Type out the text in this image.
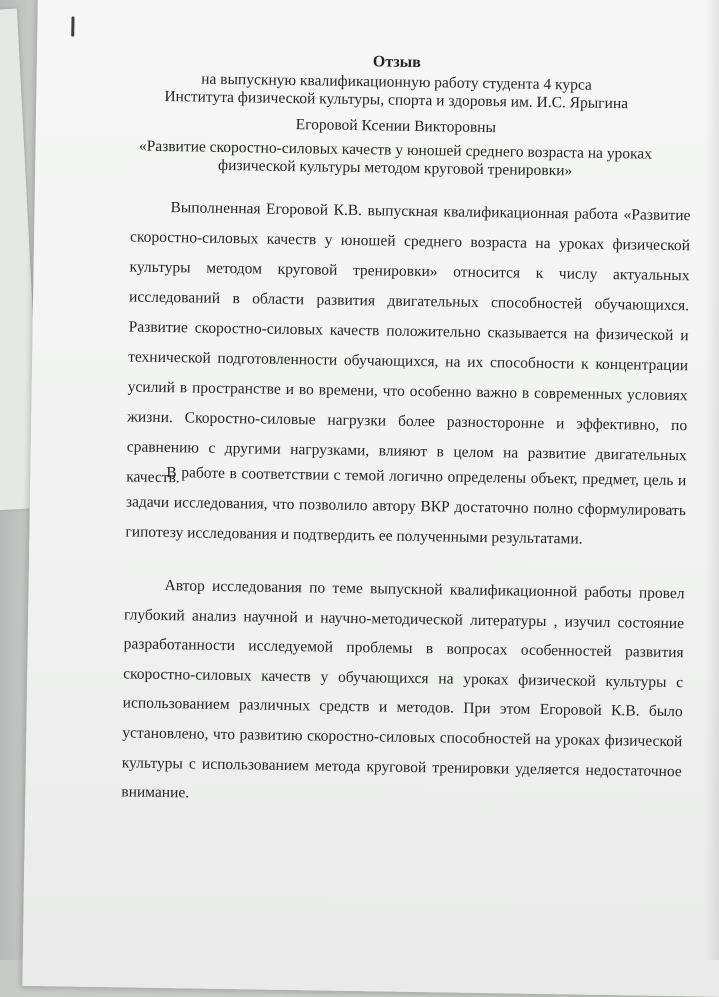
Отзыв
на выпускную квалификационную работу студента 4 курса
Института физической культуры, спорта и здоровья им. И.С. Ярыгина
Егоровой Ксении Викторовны
«Развитие скоростно-силовых качеств у юношей среднего возраста на уроках физической культуры методом круговой тренировки»
Выполненная Егоровой К.В. выпускная квалификационная работа «Развитие скоростно-силовых качеств у юношей среднего возраста на уроках физической культуры методом круговой тренировки» относится к числу актуальных исследований в области развития двигательных способностей обучающихся. Развитие скоростно-силовых качеств положительно сказывается на физической и технической подготовленности обучающихся, на их способности к концентрации усилий в пространстве и во времени, что особенно важно в современных условиях жизни. Скоростно-силовые нагрузки более разносторонне и эффективно, по сравнению с другими нагрузками, влияют в целом на развитие двигательных качеств.
В работе в соответствии с темой логично определены объект, предмет, цель и задачи исследования, что позволило автору ВКР достаточно полно сформулировать гипотезу исследования и подтвердить ее полученными результатами.
Автор исследования по теме выпускной квалификационной работы провел глубокий анализ научной и научно-методической литературы , изучил состояние разработанности исследуемой проблемы в вопросах особенностей развития скоростно-силовых качеств у обучающихся на уроках физической культуры с использованием различных средств и методов. При этом Егоровой К.В. было установлено, что развитию скоростно-силовых способностей на уроках физической культуры с использованием метода круговой тренировки уделяется недостаточное внимание.
